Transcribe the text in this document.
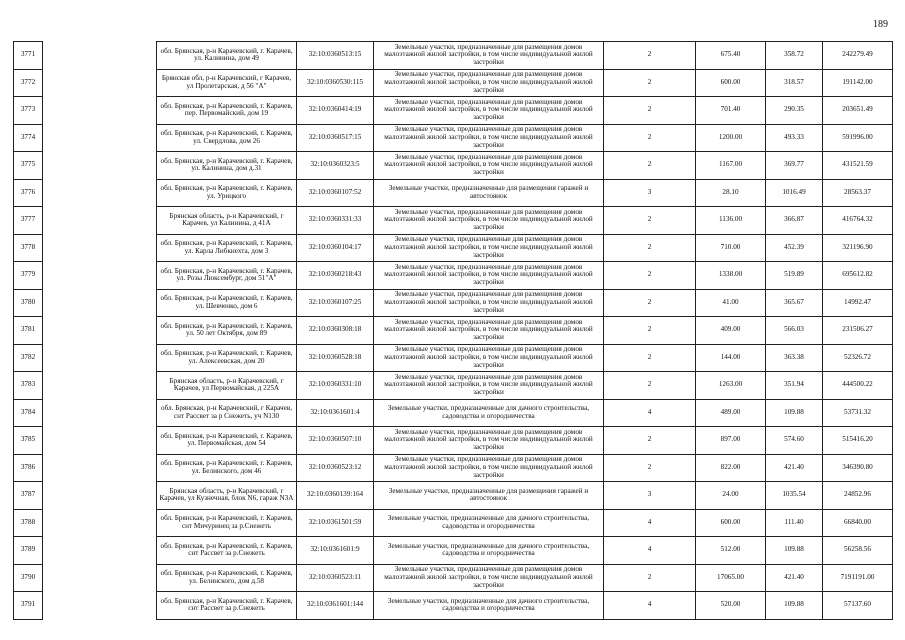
189
3771		обл. Брянская, р-н Карачевский, г. Карачев, ул. Калинина, дом 49	32:10:0360513:15	Земельные участки, предназначенные для размещения домов малоэтажной жилой застройки, в том числе индивидуальной жилой застройки	2	675.40	358.72	242279.49
3772		Брянская обл, р-н Карачевский, г Карачев, ул Пролетарская, д 56 "А"	32:10:0360530:115	Земельные участки, предназначенные для размещения домов малоэтажной жилой застройки, в том числе индивидуальной жилой застройки	2	600.00	318.57	191142.00
3773		обл. Брянская, р-н Карачевский, г. Карачев, пер. Первомайский, дом 19	32:10:0360414:19	Земельные участки, предназначенные для размещения домов малоэтажной жилой застройки, в том числе индивидуальной жилой застройки	2	701.40	290.35	203651.49
3774		обл. Брянская, р-н Карачевский, г. Карачев, ул. Свердлова, дом 26	32:10:0360517:15	Земельные участки, предназначенные для размещения домов малоэтажной жилой застройки, в том числе индивидуальной жилой застройки	2	1200.00	493.33	591996.00
3775		обл. Брянская, р-н Карачевский, г. Карачев, ул. Калинина, дом д.31	32:10:0360323:5	Земельные участки, предназначенные для размещения домов малоэтажной жилой застройки, в том числе индивидуальной жилой застройки	2	1167.00	369.77	431521.59
3776		обл. Брянская, р-н Карачевский, г. Карачев, ул. Урицкого	32:10:0360107:52	Земельные участки, предназначенные для размещения гаражей и автостоянок	3	28.10	1016.49	28563.37
3777		Брянская область, р-н Карачевский, г Карачев, ул Калинина, д 41А	32:10:0360331:33	Земельные участки, предназначенные для размещения домов малоэтажной жилой застройки, в том числе индивидуальной жилой застройки	2	1136.00	366.87	416764.32
3778		обл. Брянская, р-н Карачевский, г. Карачев, ул. Карла Либкнехта, дом 3	32:10:0360104:17	Земельные участки, предназначенные для размещения домов малоэтажной жилой застройки, в том числе индивидуальной жилой застройки	2	710.00	452.39	321196.90
3779		обл. Брянская, р-н Карачевский, г. Карачев, ул. Розы Люксембург, дом 51"А"	32:10:0360218:43	Земельные участки, предназначенные для размещения домов малоэтажной жилой застройки, в том числе индивидуальной жилой застройки	2	1338.00	519.89	695612.82
3780		обл. Брянская, р-н Карачевский, г. Карачев, ул. Шевченко, дом 6	32:10:0360107:25	Земельные участки, предназначенные для размещения домов малоэтажной жилой застройки, в том числе индивидуальной жилой застройки	2	41.00	365.67	14992.47
3781		обл. Брянская, р-н Карачевский, г. Карачев, ул. 50 лет Октября, дом 89	32:10:0360308:18	Земельные участки, предназначенные для размещения домов малоэтажной жилой застройки, в том числе индивидуальной жилой застройки	2	409.00	566.03	231506.27
3782		обл. Брянская, р-н Карачевский, г. Карачев, ул. Алексеевская, дом 20	32:10:0360528:18	Земельные участки, предназначенные для размещения домов малоэтажной жилой застройки, в том числе индивидуальной жилой застройки	2	144.00	363.38	52326.72
3783		Брянская область, р-н Карачевский, г Карачев, ул Первомайская, д 225А	32:10:0360331:10	Земельные участки, предназначенные для размещения домов малоэтажной жилой застройки, в том числе индивидуальной жилой застройки	2	1263.00	351.94	444500.22
3784		обл. Брянская, р-н Карачевский, г Карачев, снт Рассвет за р Снежеть, уч N130	32:10:0361601:4	Земельные участки, предназначенные для дачного строительства, садоводства и огородничества	4	489.00	109.88	53731.32
3785		обл. Брянская, р-н Карачевский, г. Карачев, ул. Первомайская, дом 54	32:10:0360507:10	Земельные участки, предназначенные для размещения домов малоэтажной жилой застройки, в том числе индивидуальной жилой застройки	2	897.00	574.60	515416.20
3786		обл. Брянская, р-н Карачевский, г. Карачев, ул. Белинского, дом 46	32:10:0360523:12	Земельные участки, предназначенные для размещения домов малоэтажной жилой застройки, в том числе индивидуальной жилой застройки	2	822.00	421.40	346390.80
3787		Брянская область, р-н Карачевский, г Карачев, ул Кузнечная, блок N6, гараж N3А	32:10:0360139:164	Земельные участки, предназначенные для размещения гаражей и автостоянок	3	24.00	1035.54	24852.96
3788		обл. Брянская, р-н Карачевский, г. Карачев, снт Мичуринец за р.Снежеть	32:10:0361501:59	Земельные участки, предназначенные для дачного строительства, садоводства и огородничества	4	600.00	111.40	66840.00
3789		обл. Брянская, р-н Карачевский, г. Карачев, снт Рассвет за р.Снежеть	32:10:0361601:9	Земельные участки, предназначенные для дачного строительства, садоводства и огородничества	4	512.00	109.88	56258.56
3790		обл. Брянская, р-н Карачевский, г. Карачев, ул. Белинского, дом д.58	32:10:0360523:11	Земельные участки, предназначенные для размещения домов малоэтажной жилой застройки, в том числе индивидуальной жилой застройки	2	17065.00	421.40	7191191.00
3791		обл. Брянская, р-н Карачевский, г. Карачев, снт Рассвет за р.Снежеть	32:10:0361601:144	Земельные участки, предназначенные для дачного строительства, садоводства и огородничества	4	520.00	109.88	57137.60
